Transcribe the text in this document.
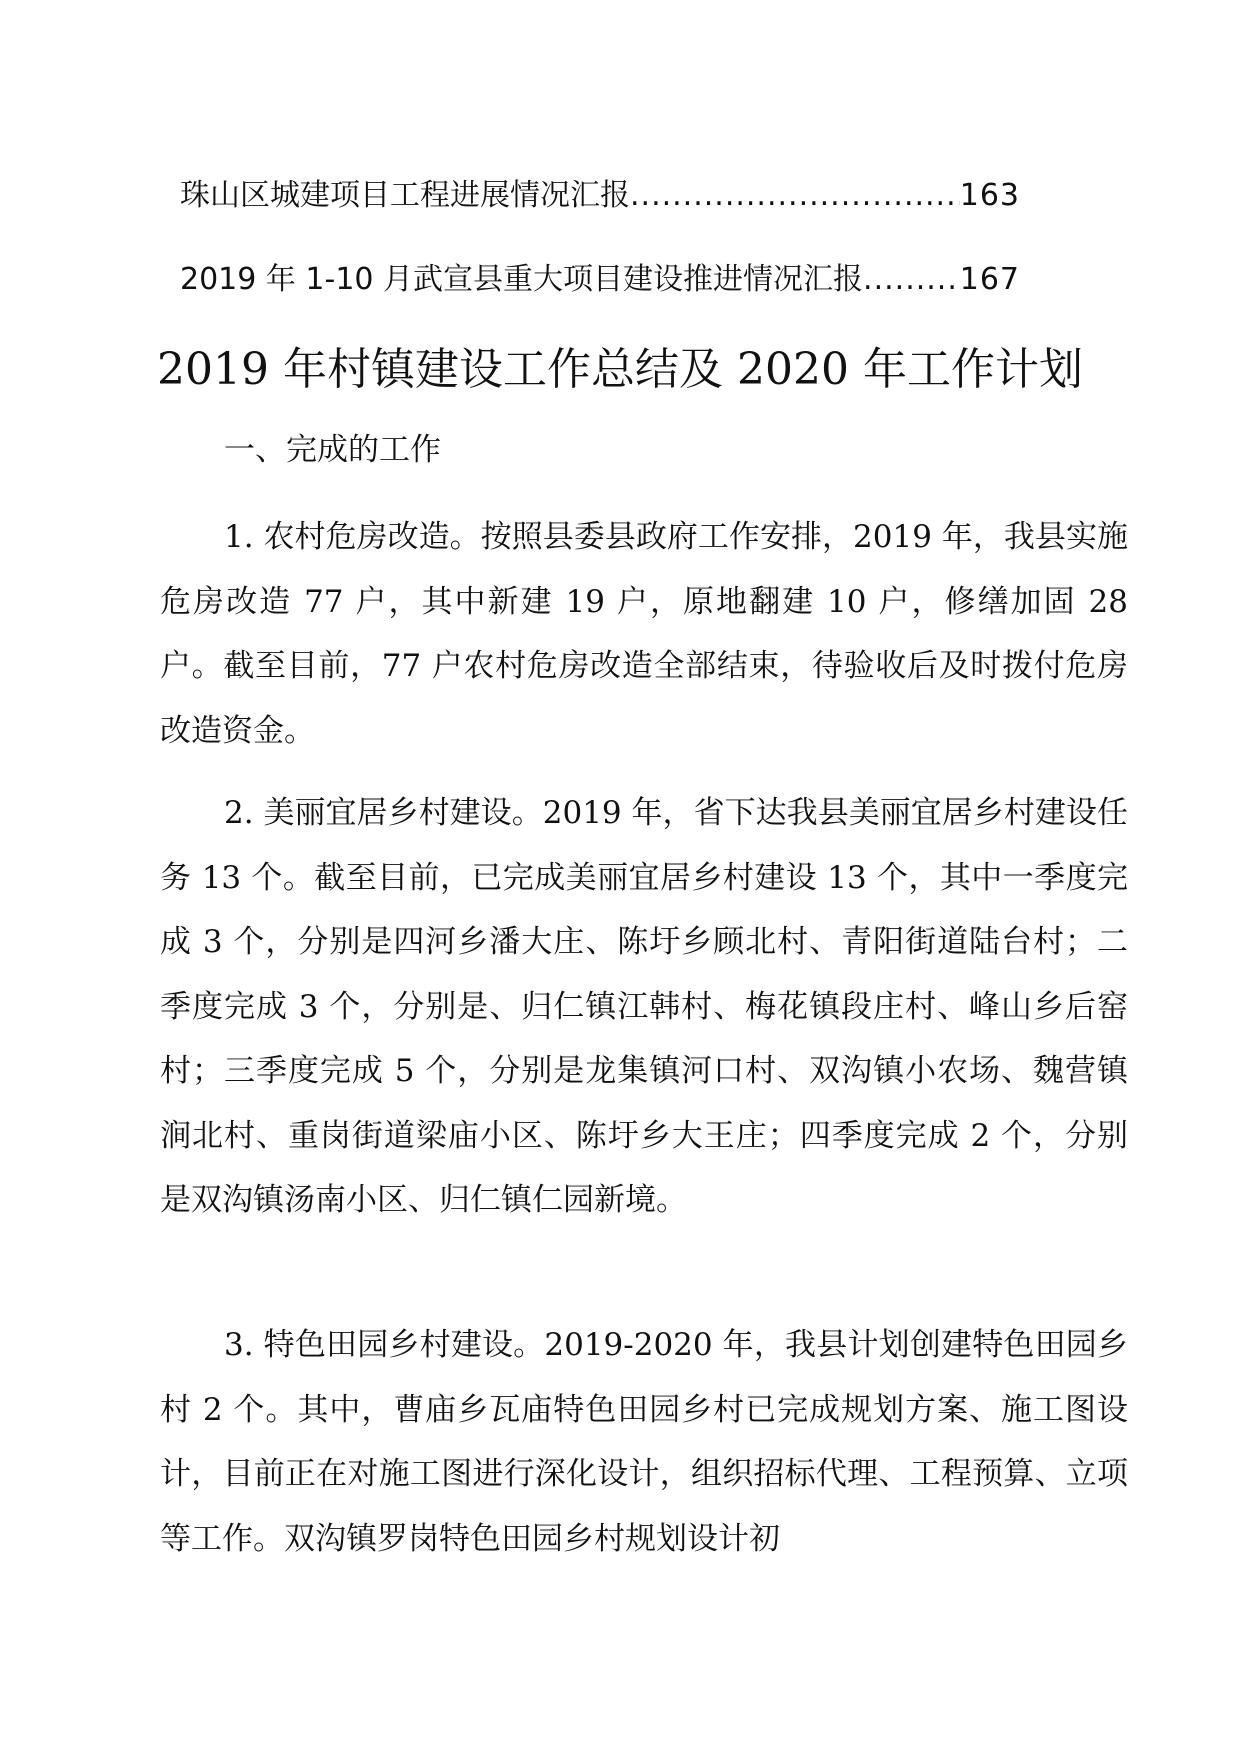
珠山区城建项目工程进展情况汇报 .....	163
2019 年 1-10 月武宣县重大项目建设推进情况汇报 .....	167
2019 年村镇建设工作总结及 2020 年工作计划
一、完成的工作

1. 农村危房改造。按照县委县政府工作安排，2019 年，我县实施危房改造 77 户，其中新建 19 户，原地翻建 10 户，修缮加固 28 户。截至目前，77 户农村危房改造全部结束，待验收后及时拨付危房改造资金。

2. 美丽宜居乡村建设。2019 年，省下达我县美丽宜居乡村建设任务 13 个。截至目前，已完成美丽宜居乡村建设 13 个，其中一季度完成 3 个，分别是四河乡潘大庄、陈圩乡顾北村、青阳街道陆台村；二季度完成 3 个，分别是、归仁镇江韩村、梅花镇段庄村、峰山乡后窑村；三季度完成 5 个，分别是龙集镇河口村、双沟镇小农场、魏营镇涧北村、重岗街道梁庙小区、陈圩乡大王庄；四季度完成 2 个，分别是双沟镇汤南小区、归仁镇仁园新境。

3. 特色田园乡村建设。2019-2020 年，我县计划创建特色田园乡村 2 个。其中，曹庙乡瓦庙特色田园乡村已完成规划方案、施工图设计，目前正在对施工图进行深化设计，组织招标代理、工程预算、立项等工作。双沟镇罗岗特色田园乡村规划设计初
